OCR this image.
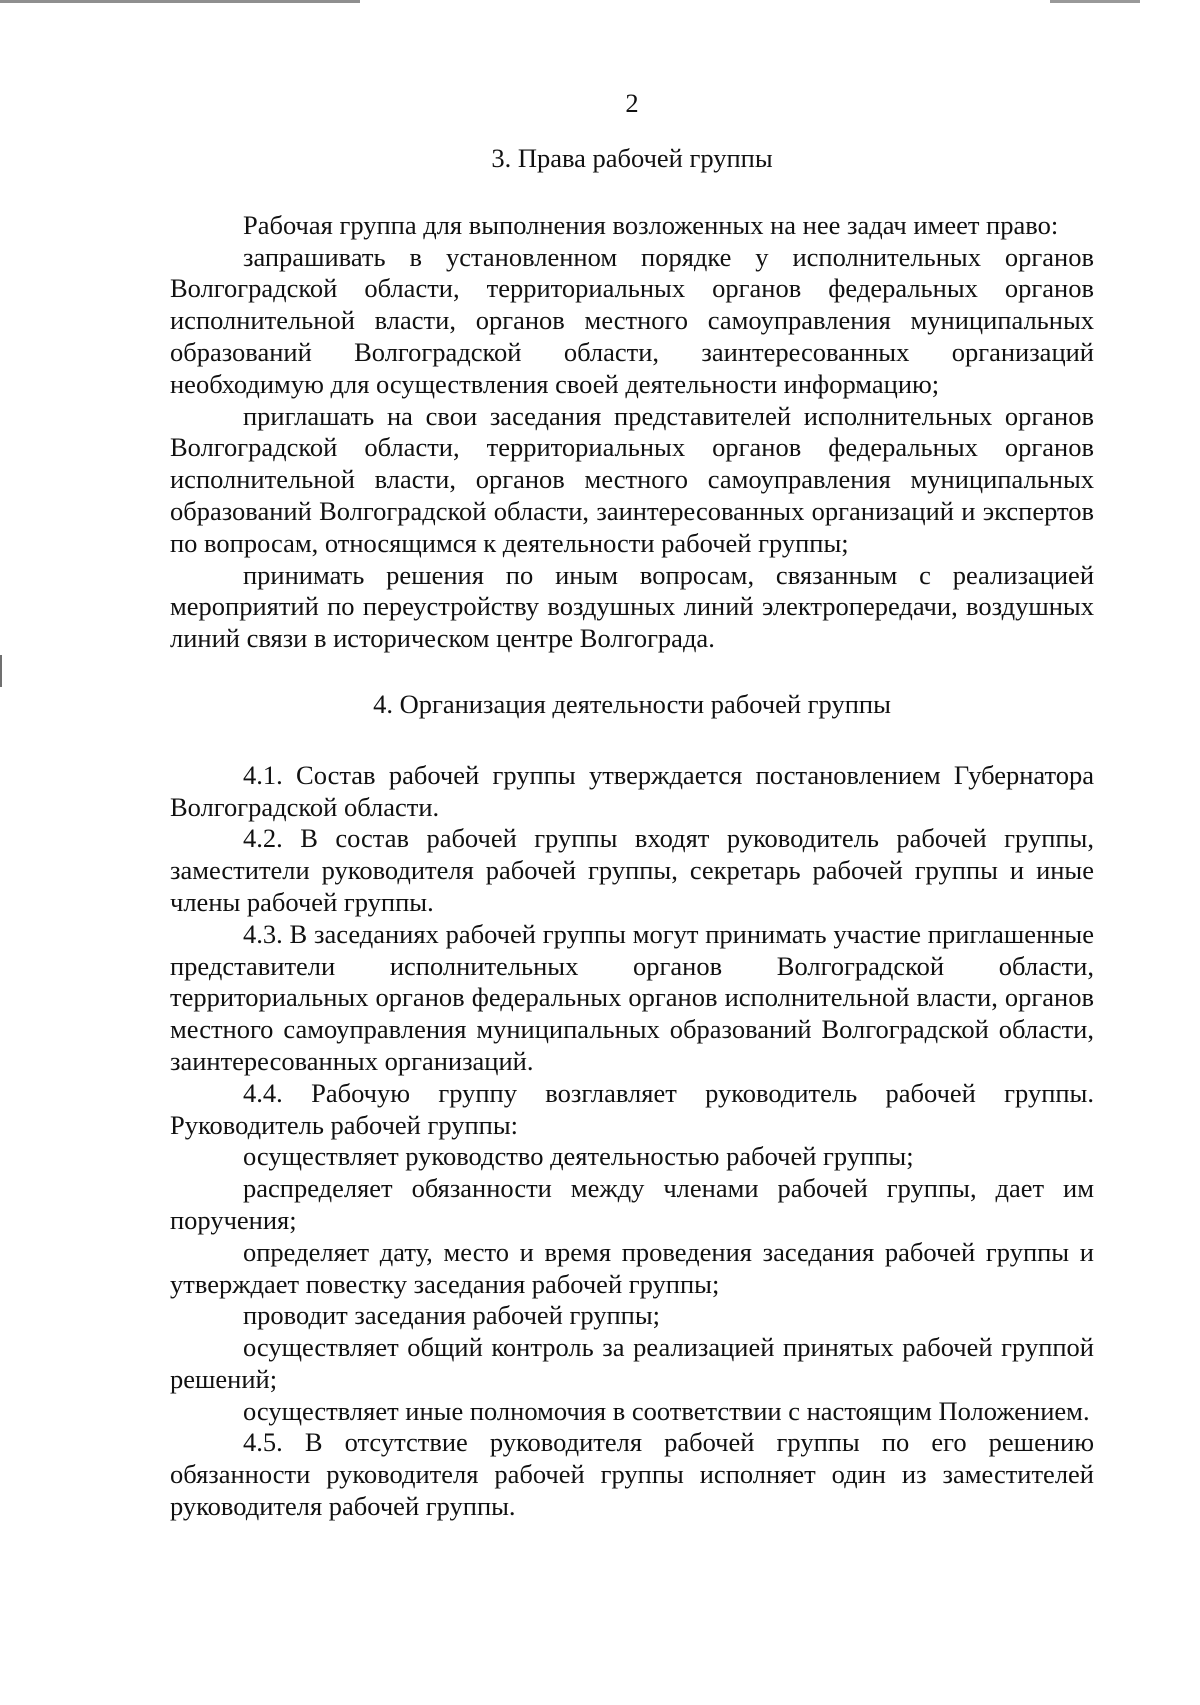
2
3. Права рабочей группы

Рабочая группа для выполнения возложенных на нее задач имеет право:

запрашивать в установленном порядке у исполнительных органов Волгоградской области, территориальных органов федеральных органов исполнительной власти, органов местного самоуправления муниципальных образований Волгоградской области, заинтересованных организаций необходимую для осуществления своей деятельности информацию;

приглашать на свои заседания представителей исполнительных органов Волгоградской области, территориальных органов федеральных органов исполнительной власти, органов местного самоуправления муниципальных образований Волгоградской области, заинтересованных организаций и экспертов по вопросам, относящимся к деятельности рабочей группы;

принимать решения по иным вопросам, связанным с реализацией мероприятий по переустройству воздушных линий электропередачи, воздушных линий связи в историческом центре Волгограда.

4. Организация деятельности рабочей группы

4.1. Состав рабочей группы утверждается постановлением Губернатора Волгоградской области.

4.2. В состав рабочей группы входят руководитель рабочей группы, заместители руководителя рабочей группы, секретарь рабочей группы и иные члены рабочей группы.

4.3. В заседаниях рабочей группы могут принимать участие приглашенные представители исполнительных органов Волгоградской области, территориальных органов федеральных органов исполнительной власти, органов местного самоуправления муниципальных образований Волгоградской области, заинтересованных организаций.

4.4. Рабочую группу возглавляет руководитель рабочей группы. Руководитель рабочей группы:

осуществляет руководство деятельностью рабочей группы;

распределяет обязанности между членами рабочей группы, дает им поручения;

определяет дату, место и время проведения заседания рабочей группы и утверждает повестку заседания рабочей группы;

проводит заседания рабочей группы;

осуществляет общий контроль за реализацией принятых рабочей группой решений;

осуществляет иные полномочия в соответствии с настоящим Положением.

4.5. В отсутствие руководителя рабочей группы по его решению обязанности руководителя рабочей группы исполняет один из заместителей руководителя рабочей группы.
